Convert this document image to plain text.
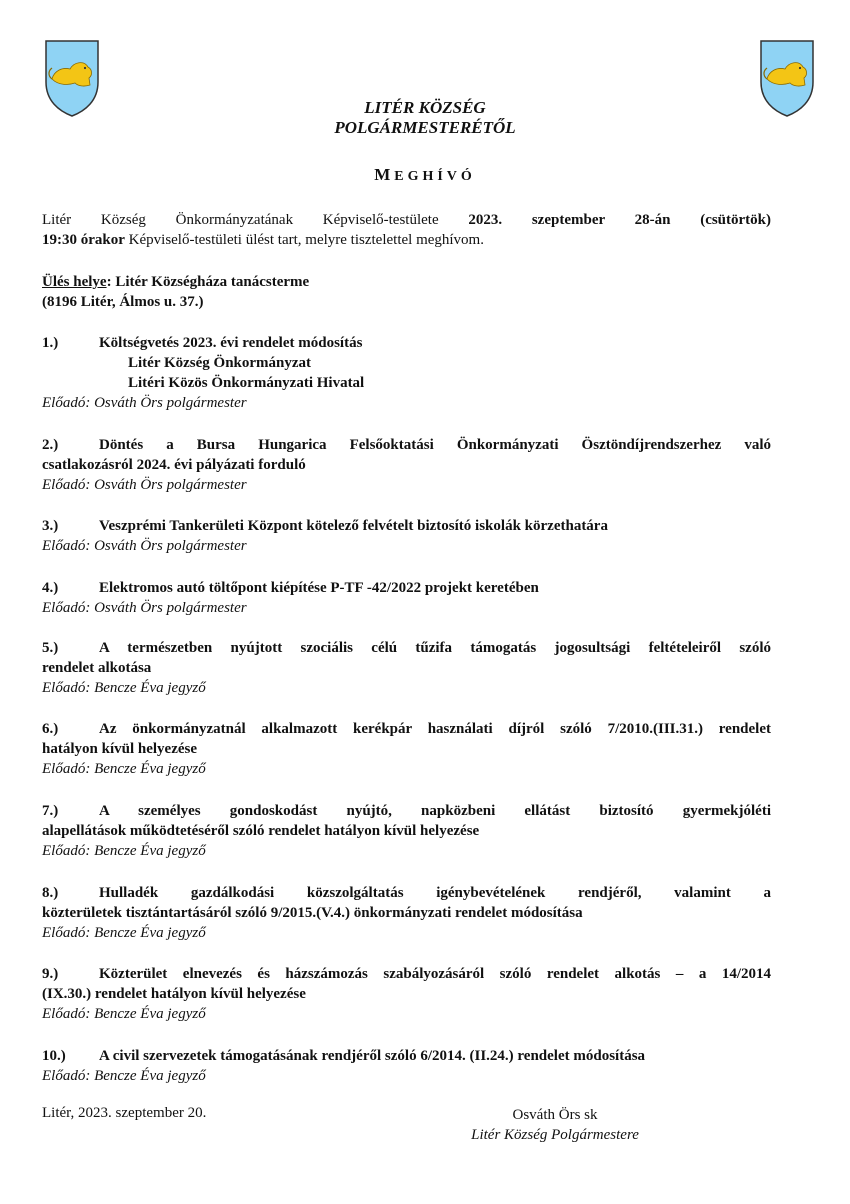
LITÉR KÖZSÉG
POLGÁRMESTERÉTŐL
MEGHÍVÓ
Litér Község Önkormányzatának Képviselő-testülete 2023. szeptember 28-án (csütörtök)
19:30 órakor Képviselő-testületi ülést tart, melyre tisztelettel meghívom.
Ülés helye: Litér Községháza tanácsterme
(8196 Litér, Álmos u. 37.)
1.)	Költségvetés 2023. évi rendelet módosítás
Litér Község Önkormányzat
Litéri Közös Önkormányzati Hivatal
Előadó: Osváth Örs polgármester
2.)	Döntés a Bursa Hungarica Felsőoktatási Önkormányzati Ösztöndíjrendszerhez való
csatlakozásról 2024. évi pályázati forduló
Előadó: Osváth Örs polgármester
3.)	Veszprémi Tankerületi Központ kötelező felvételt biztosító iskolák körzethatára
Előadó: Osváth Örs polgármester
4.)	Elektromos autó töltőpont kiépítése P-TF -42/2022 projekt keretében
Előadó: Osváth Örs polgármester
5.)	A természetben nyújtott szociális célú tűzifa támogatás jogosultsági feltételeiről szóló
rendelet alkotása
Előadó: Bencze Éva jegyző
6.)	Az önkormányzatnál alkalmazott kerékpár használati díjról szóló 7/2010.(III.31.) rendelet
hatályon kívül helyezése
Előadó: Bencze Éva jegyző
7.)	A személyes gondoskodást nyújtó, napközbeni ellátást biztosító gyermekjóléti
alapellátások működtetéséről szóló rendelet hatályon kívül helyezése
Előadó: Bencze Éva jegyző
8.)	Hulladék gazdálkodási közszolgáltatás igénybevételének rendjéről, valamint a
közterületek tisztántartásáról szóló 9/2015.(V.4.) önkormányzati rendelet módosítása
Előadó: Bencze Éva jegyző
9.)	Közterület elnevezés és házszámozás szabályozásáról szóló rendelet alkotás – a 14/2014
(IX.30.) rendelet hatályon kívül helyezése
Előadó: Bencze Éva jegyző
10.) A civil szervezetek támogatásának rendjéről szóló 6/2014. (II.24.) rendelet módosítása
Előadó: Bencze Éva jegyző
Litér, 2023. szeptember 20.	Osváth Örs sk
Litér Község Polgármestere
